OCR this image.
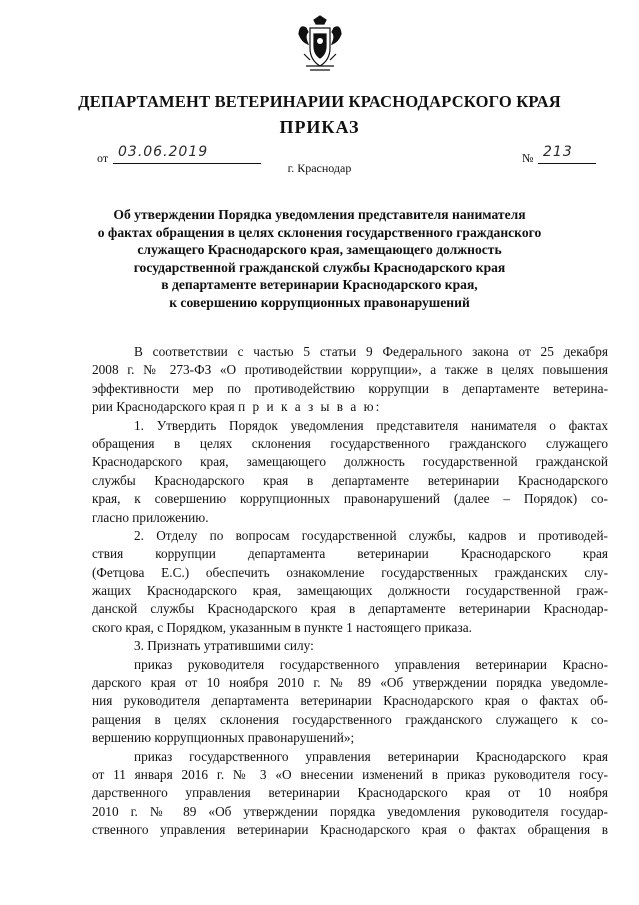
ДЕПАРТАМЕНТ ВЕТЕРИНАРИИ КРАСНОДАРСКОГО КРАЯ
ПРИКАЗ
от 03.06.2019
г. Краснодар
№ 213
Об утверждении Порядка уведомления представителя нанимателя
о фактах обращения в целях склонения государственного гражданского
служащего Краснодарского края, замещающего должность
государственной гражданской службы Краснодарского края
в департаменте ветеринарии Краснодарского края,
к совершению коррупционных правонарушений
В соответствии с частью 5 статьи 9 Федерального закона от 25 декабря
2008 г. № 273-ФЗ «О противодействии коррупции», а также в целях повышения
эффективности мер по противодействию коррупции в департаменте ветерина-
рии Краснодарского края п р и к а з ы в а ю:
1. Утвердить Порядок уведомления представителя нанимателя о фактах
обращения в целях склонения государственного гражданского служащего
Краснодарского края, замещающего должность государственной гражданской
службы Краснодарского края в департаменте ветеринарии Краснодарского
края, к совершению коррупционных правонарушений (далее – Порядок) со-
гласно приложению.
2. Отделу по вопросам государственной службы, кадров и противодей-
ствия коррупции департамента ветеринарии Краснодарского края
(Фетцова Е.С.) обеспечить ознакомление государственных гражданских слу-
жащих Краснодарского края, замещающих должности государственной граж-
данской службы Краснодарского края в департаменте ветеринарии Краснодар-
ского края, с Порядком, указанным в пункте 1 настоящего приказа.
3. Признать утратившими силу:
приказ руководителя государственного управления ветеринарии Красно-
дарского края от 10 ноября 2010 г. № 89 «Об утверждении порядка уведомле-
ния руководителя департамента ветеринарии Краснодарского края о фактах об-
ращения в целях склонения государственного гражданского служащего к со-
вершению коррупционных правонарушений»;
приказ государственного управления ветеринарии Краснодарского края
от 11 января 2016 г. № 3 «О внесении изменений в приказ руководителя госу-
дарственного управления ветеринарии Краснодарского края от 10 ноября
2010 г. № 89 «Об утверждении порядка уведомления руководителя государ-
ственного управления ветеринарии Краснодарского края о фактах обращения в
